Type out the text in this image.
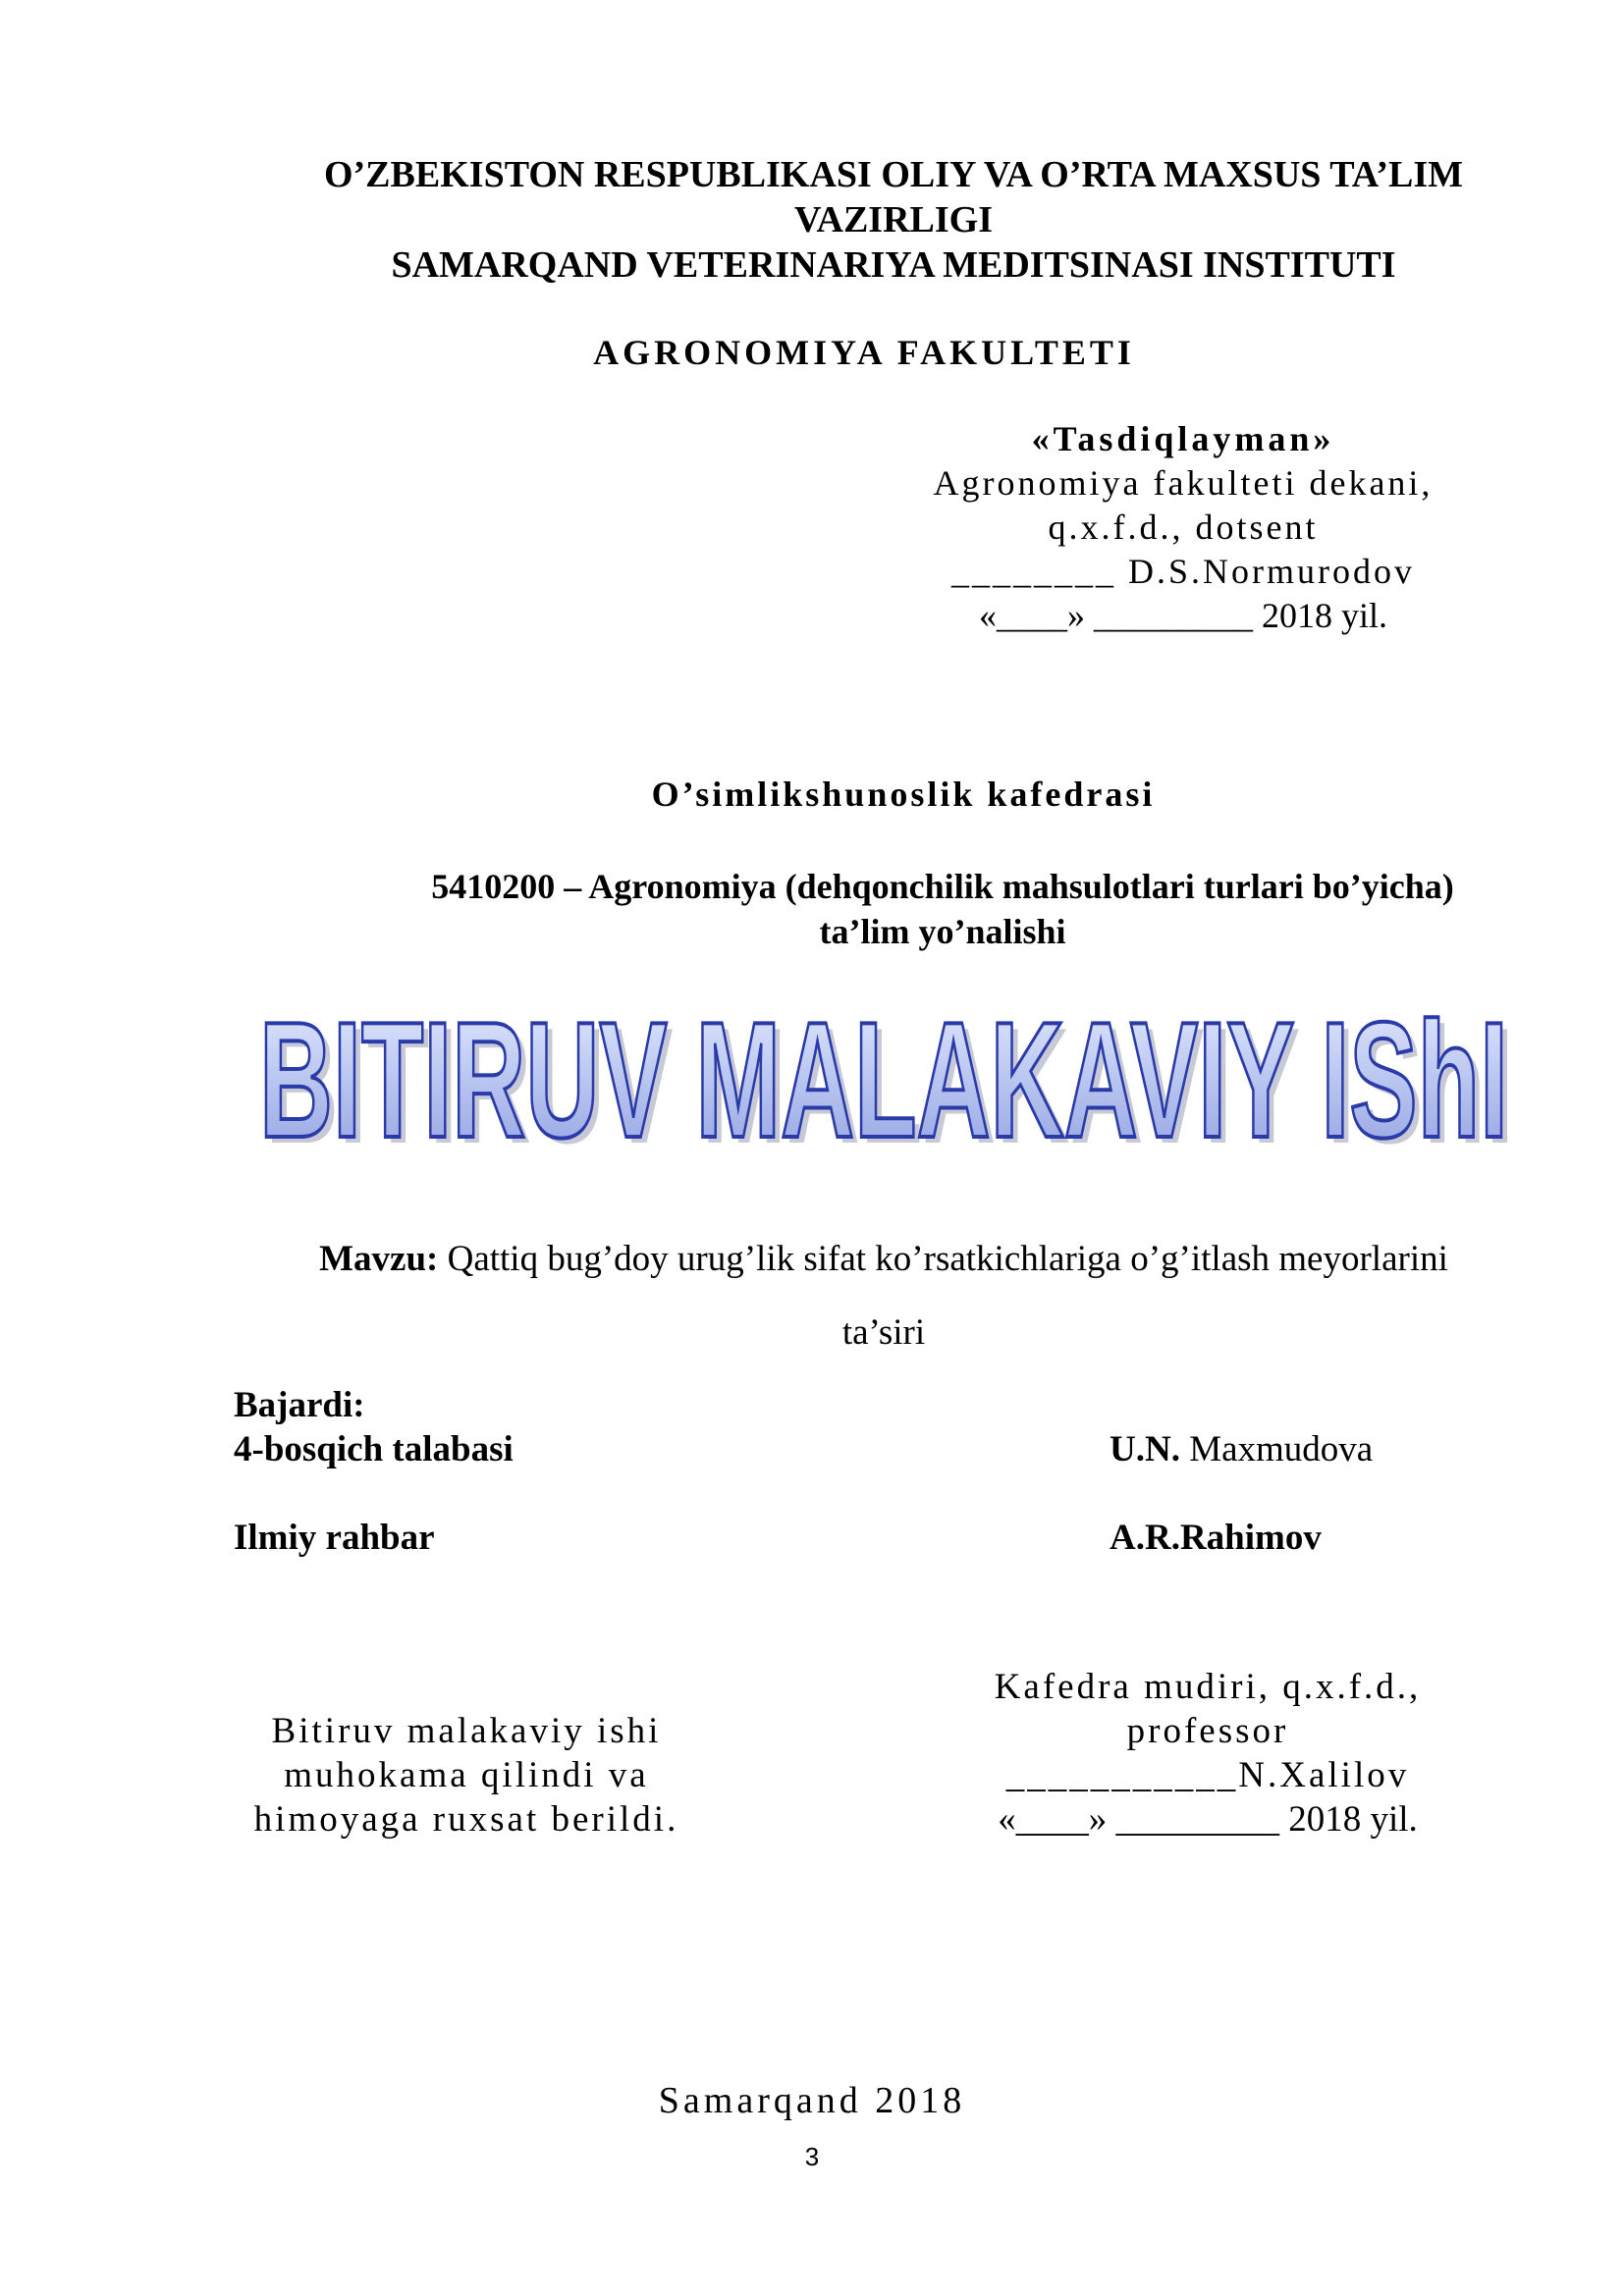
O’ZBEKISTON RESPUBLIKASI OLIY VA O’RTA MAXSUS TA’LIM
VAZIRLIGI
SAMARQAND VETERINARIYA MEDITSINASI INSTITUTI
AGRONOMIYA FAKULTETI
«Tasdiqlayman»
Agronomiya fakulteti dekani,
q.x.f.d., dotsent
________ D.S.Normurodov
«____» _________ 2018 yil.
O’simlikshunoslik kafedrasi
5410200 – Agronomiya (dehqonchilik mahsulotlari turlari bo’yicha)
ta’lim yo’nalishi
BITIRUV MALAKAVIY IShI
BITIRUV MALAKAVIY IShI
Mavzu: Qattiq bug’doy urug’lik sifat ko’rsatkichlariga o’g’itlash meyorlarini
ta’siri
Bajardi:
4-bosqich talabasi	U.N. Maxmudova
Ilmiy rahbar	A.R.Rahimov
Bitiruv malakaviy ishi
muhokama qilindi va
himoyaga ruxsat berildi.
Kafedra mudiri, q.x.f.d.,
professor
___________N.Xalilov
«____» _________ 2018 yil.
Samarqand 2018
3
